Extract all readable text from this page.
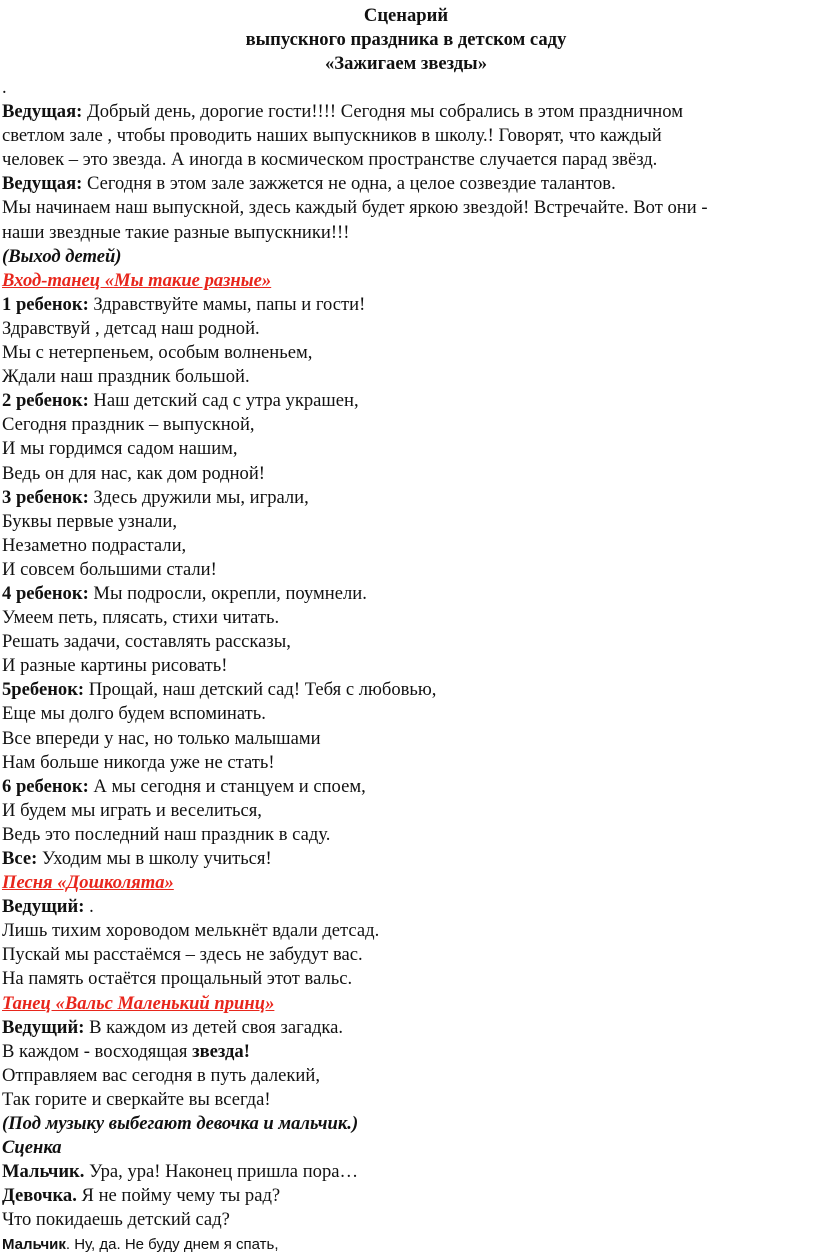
Сценарий
выпускного праздника в детском саду
«Зажигаем звезды»
.
Ведущая: Добрый день, дорогие гости!!!! Сегодня мы собрались в этом праздничном
светлом зале , чтобы проводить наших выпускников в школу.! Говорят, что каждый
человек – это звезда. А иногда в космическом пространстве случается парад звёзд.
Ведущая: Сегодня в этом зале зажжется не одна, а целое созвездие талантов.
Мы начинаем наш выпускной, здесь каждый будет яркою звездой! Встречайте. Вот они -
наши звездные такие разные выпускники!!!
(Выход детей)
Вход-танец «Мы такие разные»
1 ребенок: Здравствуйте мамы, папы и гости!
Здравствуй , детсад наш родной.
Мы с нетерпеньем, особым волненьем,
Ждали наш праздник большой.
2 ребенок: Наш детский сад с утра украшен,
Сегодня праздник – выпускной,
И мы гордимся садом нашим,
Ведь он для нас, как дом родной!
3 ребенок: Здесь дружили мы, играли,
Буквы первые узнали,
Незаметно подрастали,
И совсем большими стали!
4 ребенок: Мы подросли, окрепли, поумнели.
Умеем петь, плясать, стихи читать.
Решать задачи, составлять рассказы,
И разные картины рисовать!
5ребенок: Прощай, наш детский сад! Тебя с любовью,
Еще мы долго будем вспоминать.
Все впереди у нас, но только малышами
Нам больше никогда уже не стать!
6 ребенок: А мы сегодня и станцуем и споем,
И будем мы играть и веселиться,
Ведь это последний наш праздник в саду.
Все: Уходим мы в школу учиться!
Песня «Дошколята»
Ведущий: .
Лишь тихим хороводом мелькнёт вдали детсад.
Пускай мы расстаёмся – здесь не забудут вас.
На память остаётся прощальный этот вальс.
Танец «Вальс Маленький принц»
Ведущий: В каждом из детей своя загадка.
В каждом - восходящая звезда!
Отправляем вас сегодня в путь далекий,
Так горите и сверкайте вы всегда!
(Под музыку выбегают девочка и мальчик.)
Сценка
Мальчик. Ура, ура! Наконец пришла пора…
Девочка. Я не пойму чему ты рад?
Что покидаешь детский сад?
Мальчик. Ну, да. Не буду днем я спать,
